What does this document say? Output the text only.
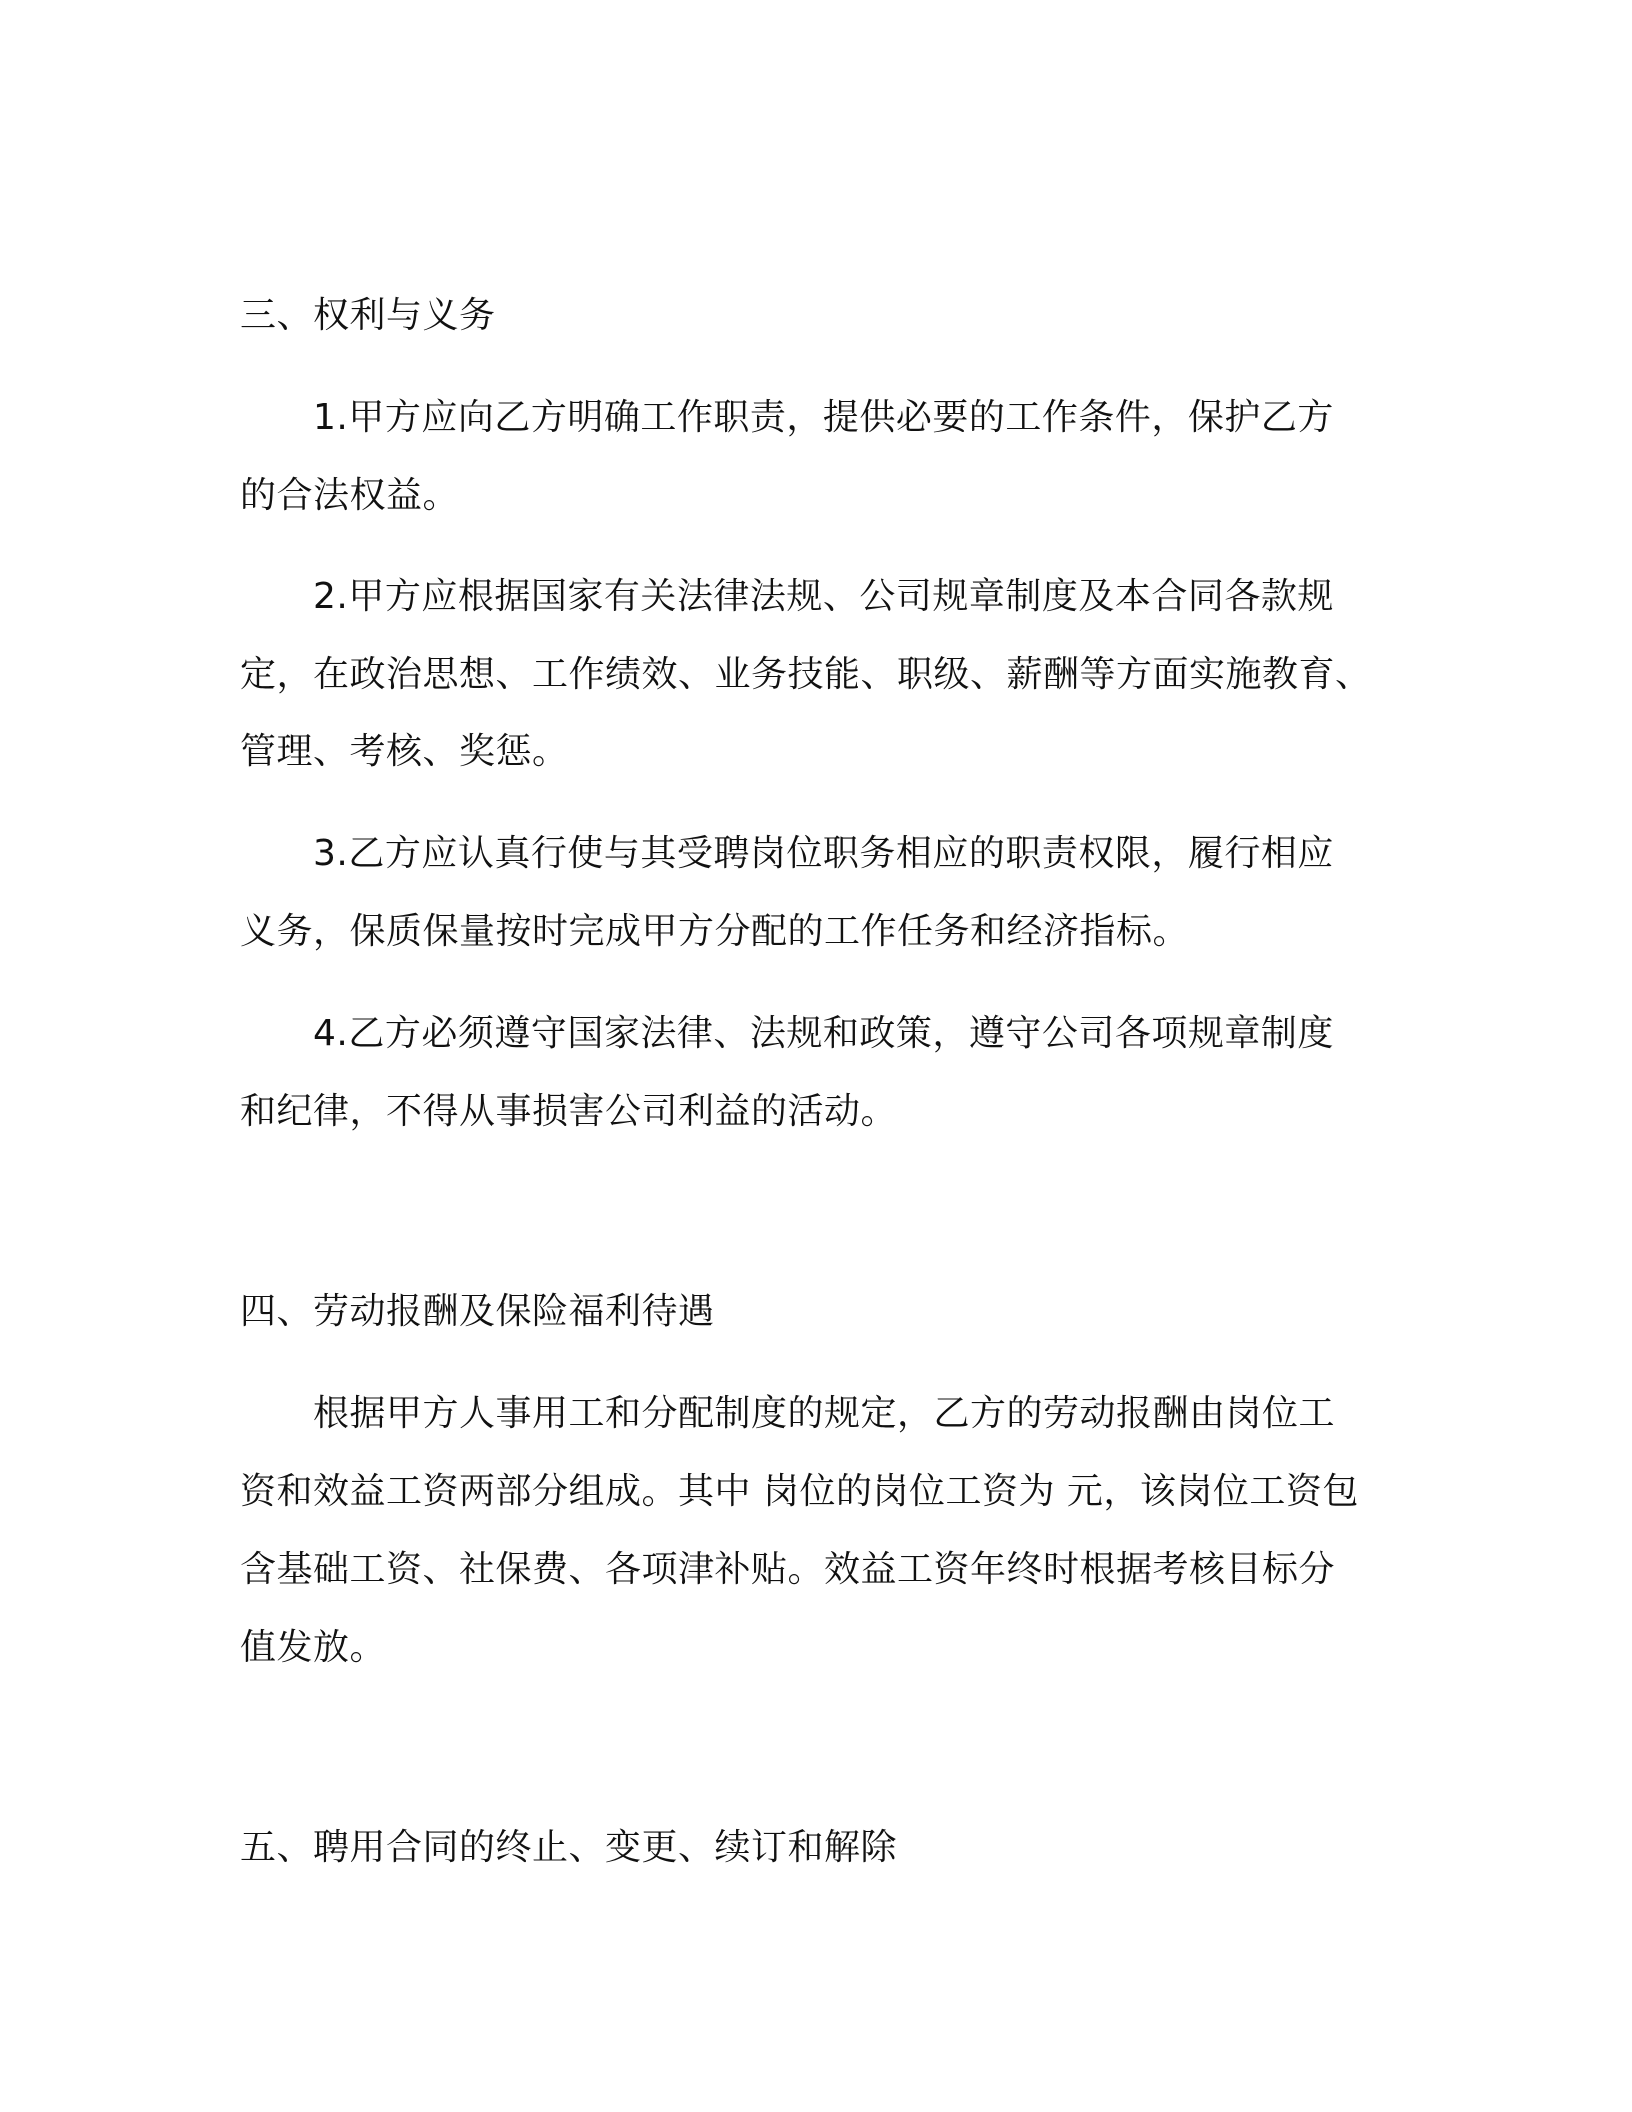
三、权利与义务
1.甲方应向乙方明确工作职责，提供必要的工作条件，保护乙方
的合法权益。
2.甲方应根据国家有关法律法规、公司规章制度及本合同各款规
定，在政治思想、工作绩效、业务技能、职级、薪酬等方面实施教育、
管理、考核、奖惩。
3.乙方应认真行使与其受聘岗位职务相应的职责权限，履行相应
义务，保质保量按时完成甲方分配的工作任务和经济指标。
4.乙方必须遵守国家法律、法规和政策，遵守公司各项规章制度
和纪律，不得从事损害公司利益的活动。
四、劳动报酬及保险福利待遇
根据甲方人事用工和分配制度的规定，乙方的劳动报酬由岗位工
资和效益工资两部分组成。其中 岗位的岗位工资为 元，该岗位工资包
含基础工资、社保费、各项津补贴。效益工资年终时根据考核目标分
值发放。
五、聘用合同的终止、变更、续订和解除
